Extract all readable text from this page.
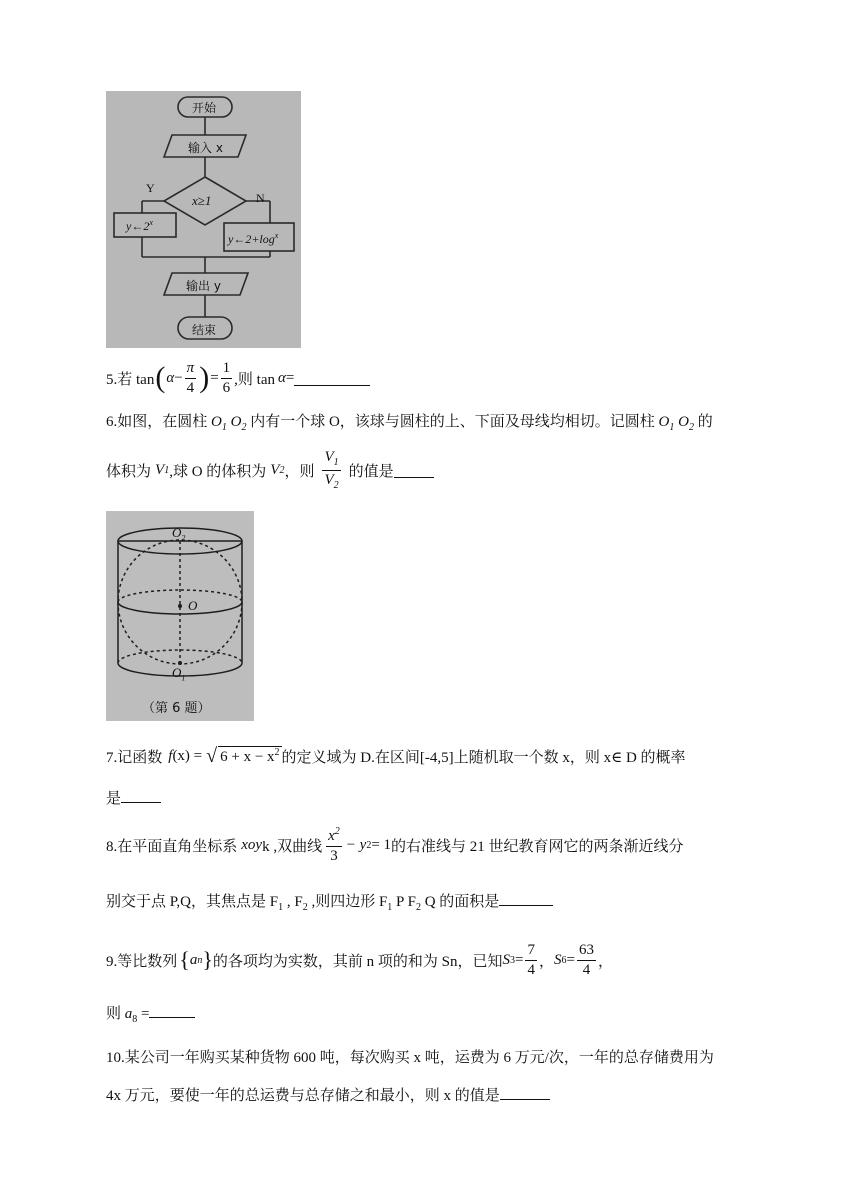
开始
输入 x
x≥1
Y
N
y←2$^x$
$y\leftarrow 2+\log^x$
输出 y
结束
5.若 tan ( $\alpha - \frac{\pi}{4}$ ) = $\frac{1}{6}$ ,则 tan α =
6.如图，在圆柱 $O_1$ $O_2$ 内有一个球 O，该球与圆柱的上、下面及母线均相切。记圆柱 $O_1$ $O_2$ 的
体积为 V 1 ,球 O 的体积为 V 2 ，则 $\frac{V_1}{V_2}$ 的值是
$O_2$
O
$O_1$
（第 6 题）
7.记函数 f (x) = √ $6 + x - x^2$ 的定义域为 D.在区间[-4,5]上随机取一个数 x，则 x∈ D 的概率
是
8.在平面直角坐标系 xoy k ,双曲线 $\frac{x^2}{3} - y$ 2 = 1 的右准线与 21 世纪教育网它的两条渐近线分
别交于点 P,Q，其焦点是 $F_1$ , $F_2$ ,则四边形 $F_1$ P $F_2$ Q 的面积是
9.等比数列 { a n } 的各项均为实数，其前 n 项的和为 Sn，已知 S $3 = \frac{7}{4}$ ， S $6 = \frac{63}{4}$ ，
则 $a_8$ =
10.某公司一年购买某种货物 600 吨，每次购买 x 吨，运费为 6 万元/次，一年的总存储费用为
4x 万元，要使一年的总运费与总存储之和最小，则 x 的值是
